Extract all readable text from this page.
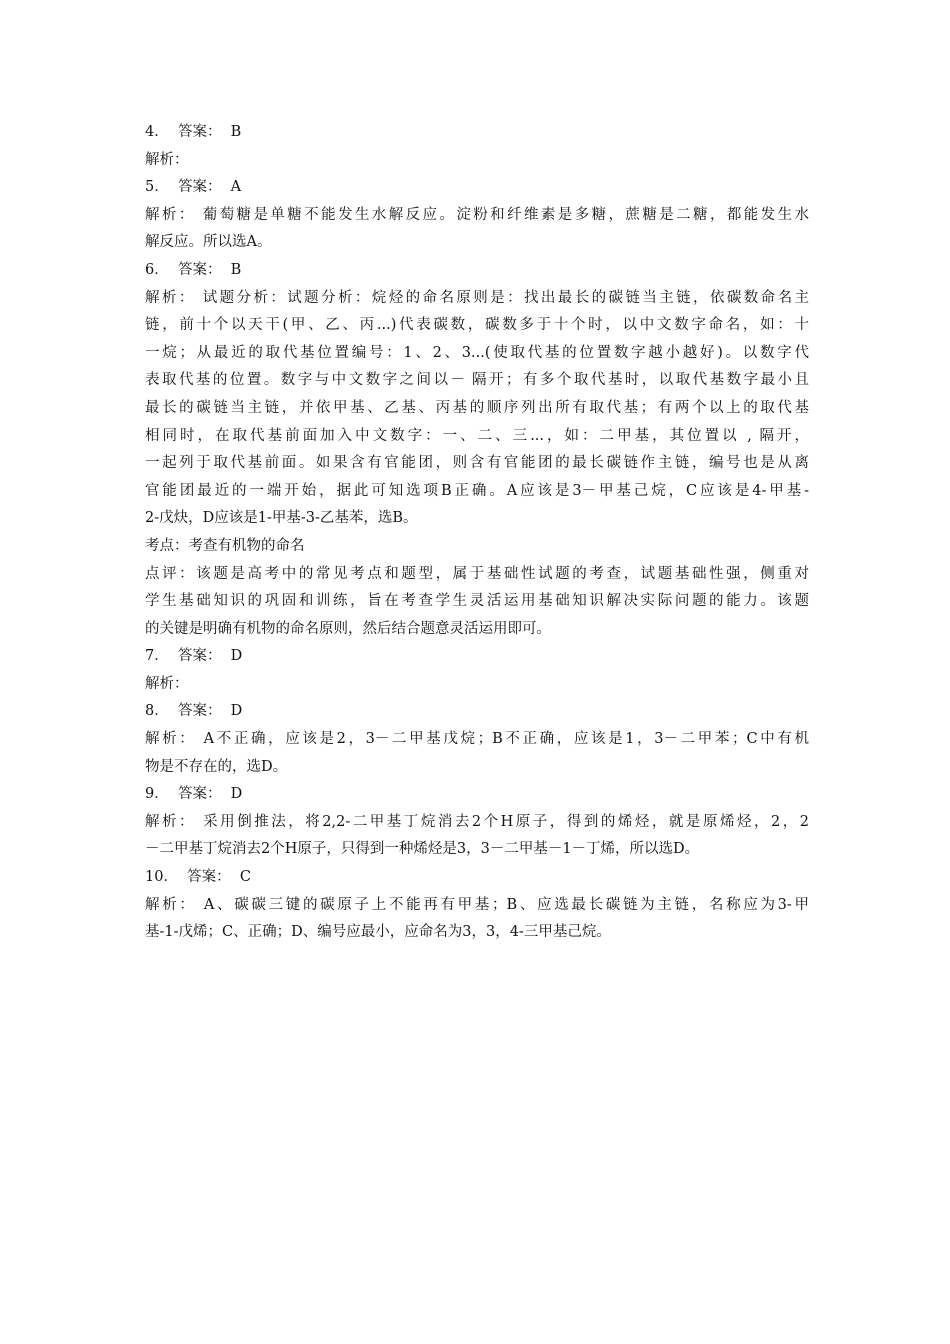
4．  答案：  B
解析：
5．  答案：  A
解析： 葡萄糖是单糖不能发生水解反应。淀粉和纤维素是多糖，蔗糖是二糖，都能发生水
解反应。所以选A。
6．  答案：  B
解析： 试题分析：试题分析：烷烃的命名原则是：找出最长的碳链当主链，依碳数命名主
链，前十个以天干(甲、乙、丙...)代表碳数，碳数多于十个时，以中文数字命名，如：十
一烷；从最近的取代基位置编号：1、2、3...(使取代基的位置数字越小越好)。以数字代
表取代基的位置。数字与中文数字之间以－ 隔开；有多个取代基时，以取代基数字最小且
最长的碳链当主链，并依甲基、乙基、丙基的顺序列出所有取代基；有两个以上的取代基
相同时，在取代基前面加入中文数字：一、二、三...，如：二甲基，其位置以 , 隔开，
一起列于取代基前面。如果含有官能团，则含有官能团的最长碳链作主链，编号也是从离
官能团最近的一端开始，据此可知选项B正确。A应该是3－甲基己烷，C应该是4-甲基-
2-戊炔，D应该是1-甲基-3-乙基苯，选B。
考点：考查有机物的命名
点评：该题是高考中的常见考点和题型，属于基础性试题的考查，试题基础性强，侧重对
学生基础知识的巩固和训练，旨在考查学生灵活运用基础知识解决实际问题的能力。该题
的关键是明确有机物的命名原则，然后结合题意灵活运用即可。
7．  答案：  D
解析：
8．  答案：  D
解析： A不正确，应该是2，3－二甲基戊烷；B不正确，应该是1，3－二甲苯；C中有机
物是不存在的，选D。
9．  答案：  D
解析： 采用倒推法，将2,2-二甲基丁烷消去2个H原子，得到的烯烃，就是原烯烃，2，2
－二甲基丁烷消去2个H原子，只得到一种烯烃是3，3－二甲基－1－丁烯，所以选D。
10．  答案：  C
解析： A、碳碳三键的碳原子上不能再有甲基；B、应选最长碳链为主链，名称应为3-甲
基-1-戊烯；C、正确；D、编号应最小，应命名为3，3，4-三甲基己烷。
